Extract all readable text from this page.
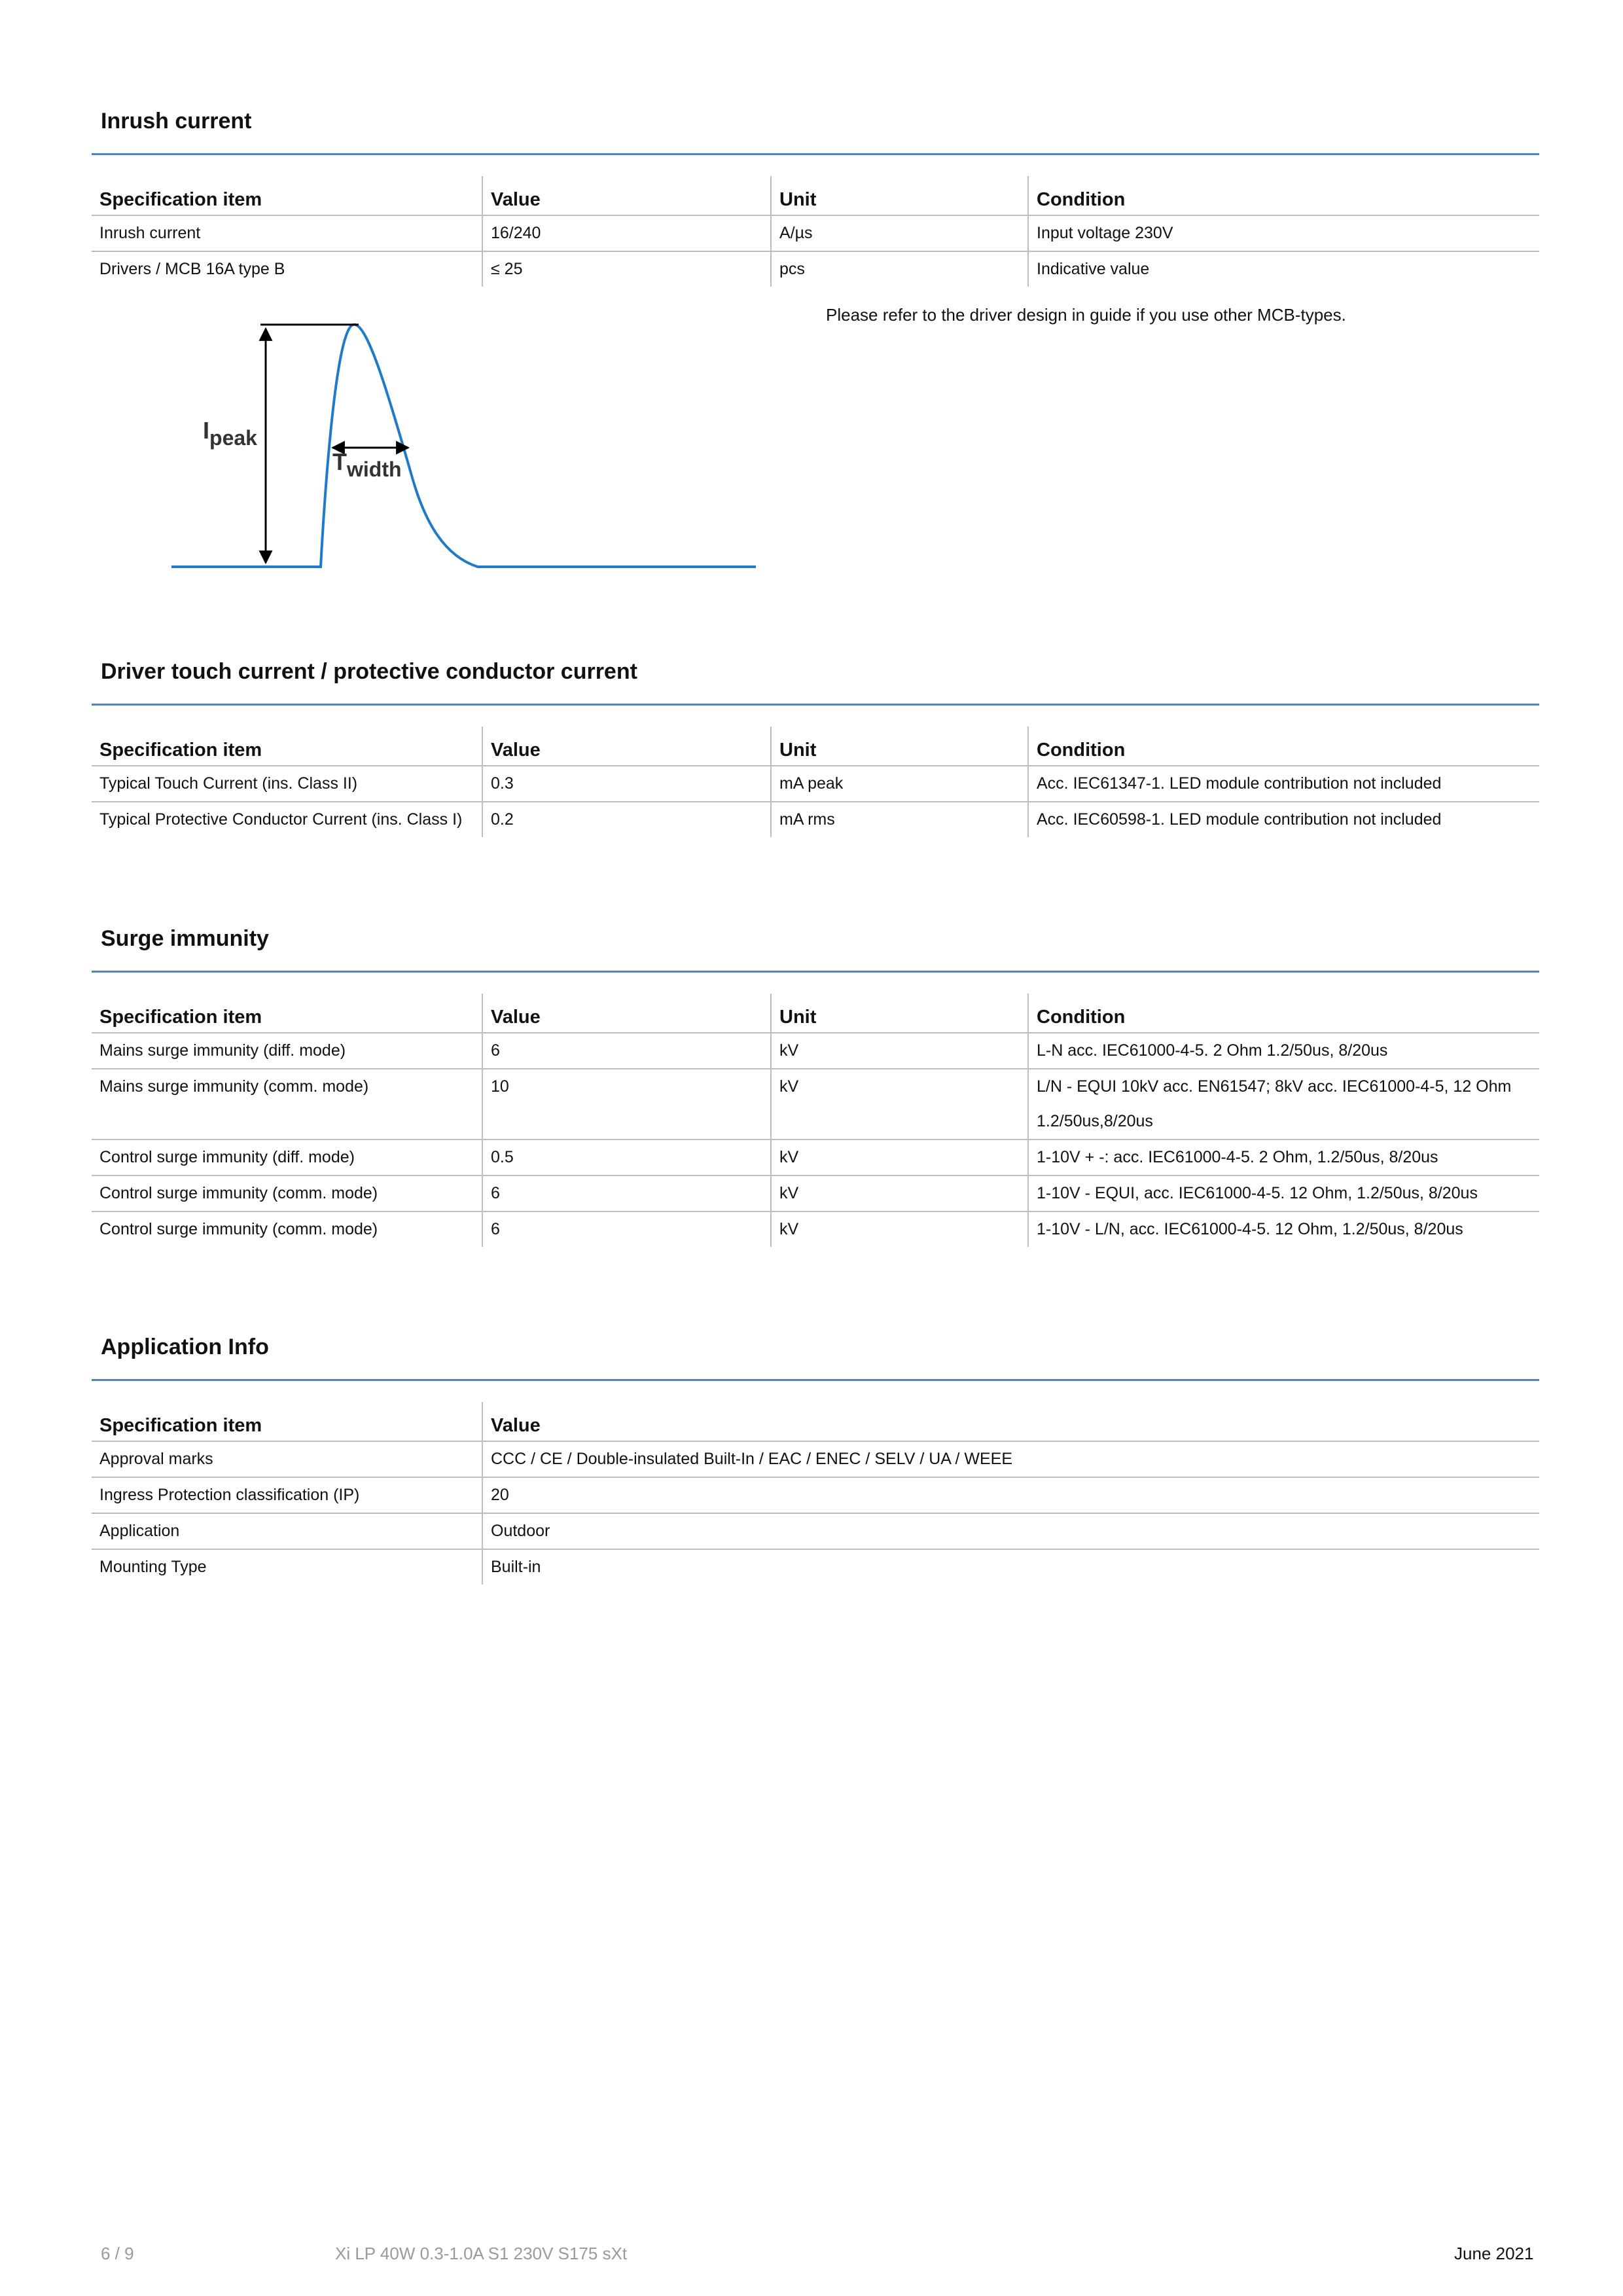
Inrush current
Specification item	Value	Unit	Condition
Inrush current	16/240	A/µs	Input voltage 230V
Drivers / MCB 16A type B	≤ 25	pcs	Indicative value

Please refer to the driver design in guide if you use other MCB-types.

Ipeak
Twidth
Driver touch current / protective conductor current
Specification item	Value	Unit	Condition
Typical Touch Current (ins. Class II)	0.3	mA peak	Acc. IEC61347-1. LED module contribution not included
Typical Protective Conductor Current (ins. Class I)	0.2	mA rms	Acc. IEC60598-1. LED module contribution not included
Surge immunity
Specification item	Value	Unit	Condition
Mains surge immunity (diff. mode)	6	kV	L-N acc. IEC61000-4-5. 2 Ohm 1.2/50us, 8/20us
Mains surge immunity (comm. mode)	10	kV	L/N - EQUI 10kV acc. EN61547; 8kV acc. IEC61000-4-5, 12 Ohm 1.2/50us,8/20us
Control surge immunity (diff. mode)	0.5	kV	1-10V + -: acc. IEC61000-4-5. 2 Ohm, 1.2/50us, 8/20us
Control surge immunity (comm. mode)	6	kV	1-10V - EQUI, acc. IEC61000-4-5. 12 Ohm, 1.2/50us, 8/20us
Control surge immunity (comm. mode)	6	kV	1-10V - L/N, acc. IEC61000-4-5. 12 Ohm, 1.2/50us, 8/20us
Application Info
Specification item	Value
Approval marks	CCC / CE / Double-insulated Built-In / EAC / ENEC / SELV / UA / WEEE
Ingress Protection classification (IP)	20
Application	Outdoor
Mounting Type	Built-in
6 / 9	Xi LP 40W 0.3-1.0A S1 230V S175 sXt	June 2021
